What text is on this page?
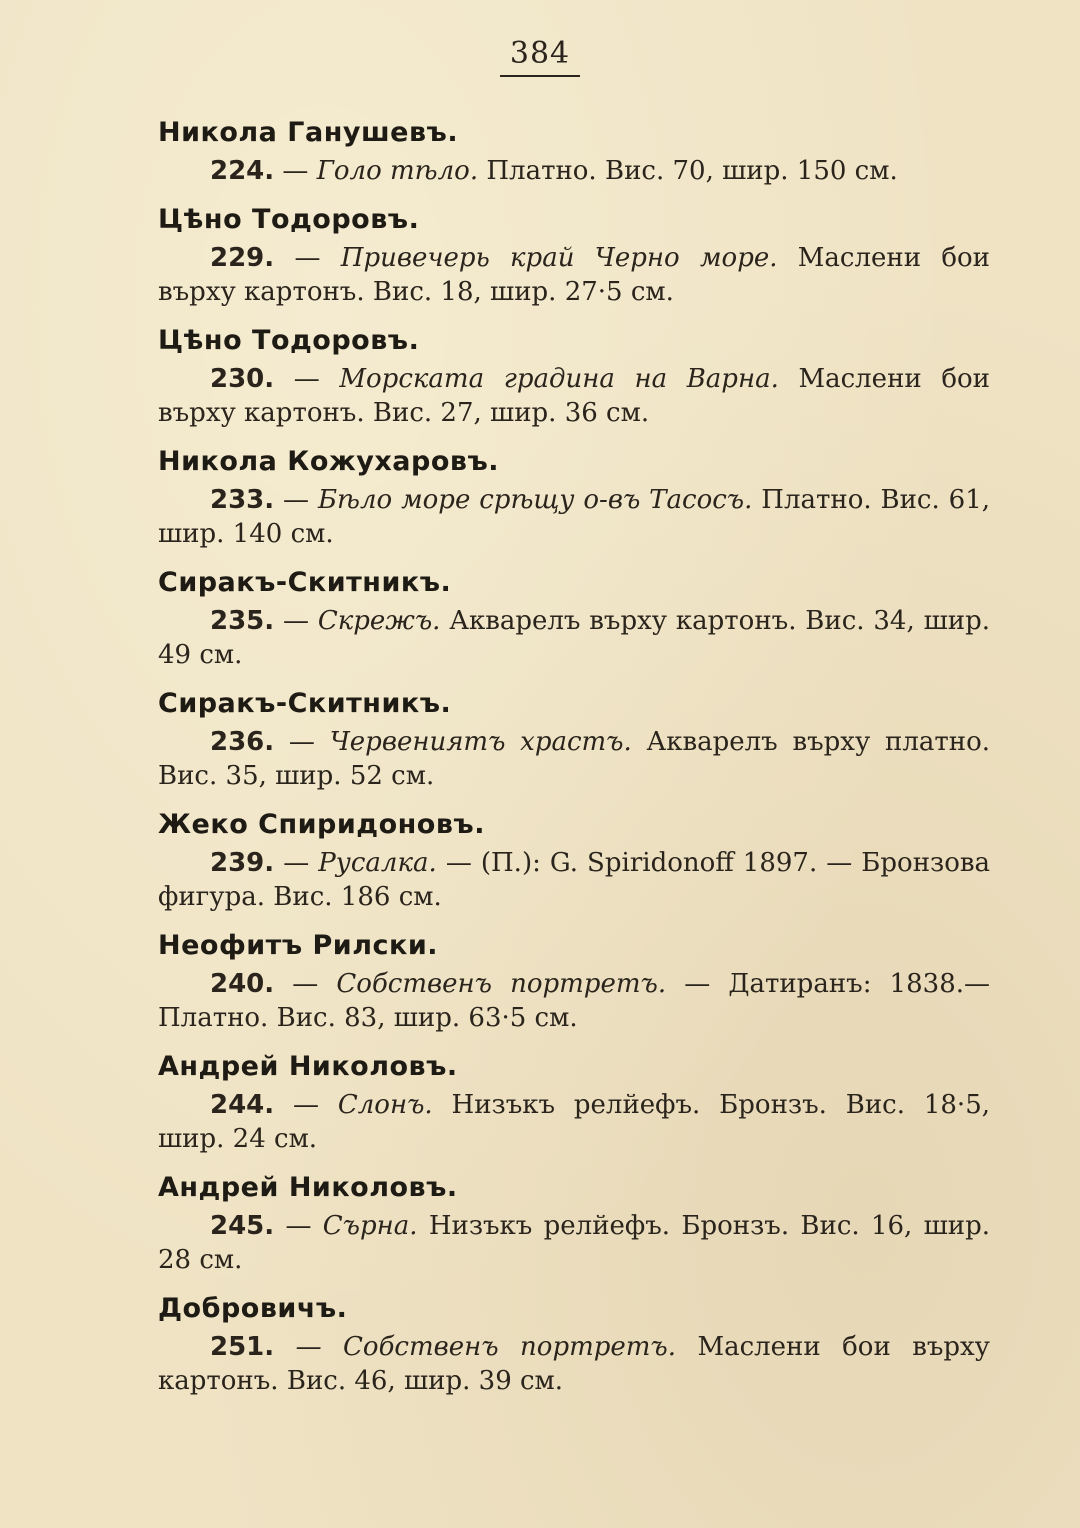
384
Никола Ганушевъ.
224. — Голо тѣло. Платно. Вис. 70, шир. 150 см.
Цѣно Тодоровъ.
229. — Привечерь край Черно море. Маслени бои върху картонъ. Вис. 18, шир. 27·5 см.
Цѣно Тодоровъ.
230. — Морската градина на Варна. Маслени бои върху картонъ. Вис. 27, шир. 36 см.
Никола Кожухаровъ.
233. — Бѣло море срѣщу о-въ Тасосъ. Платно. Вис. 61, шир. 140 см.
Сиракъ-Скитникъ.
235. — Скрежъ. Акварелъ върху картонъ. Вис. 34, шир. 49 см.
Сиракъ-Скитникъ.
236. — Червениятъ храстъ. Акварелъ върху платно. Вис. 35, шир. 52 см.
Жеко Спиридоновъ.
239. — Русалка. — (П.): G. Spiridonoff 1897. — Бронзова фигура. Вис. 186 см.
Неофитъ Рилски.
240. — Собственъ портретъ. — Датиранъ: 1838.— Платно. Вис. 83, шир. 63·5 см.
Андрей Николовъ.
244. — Слонъ. Низъкъ релйефъ. Бронзъ. Вис. 18·5, шир. 24 см.
Андрей Николовъ.
245. — Сърна. Низъкъ релйефъ. Бронзъ. Вис. 16, шир. 28 см.
Добровичъ.
251. — Собственъ портретъ. Маслени бои върху картонъ. Вис. 46, шир. 39 см.
